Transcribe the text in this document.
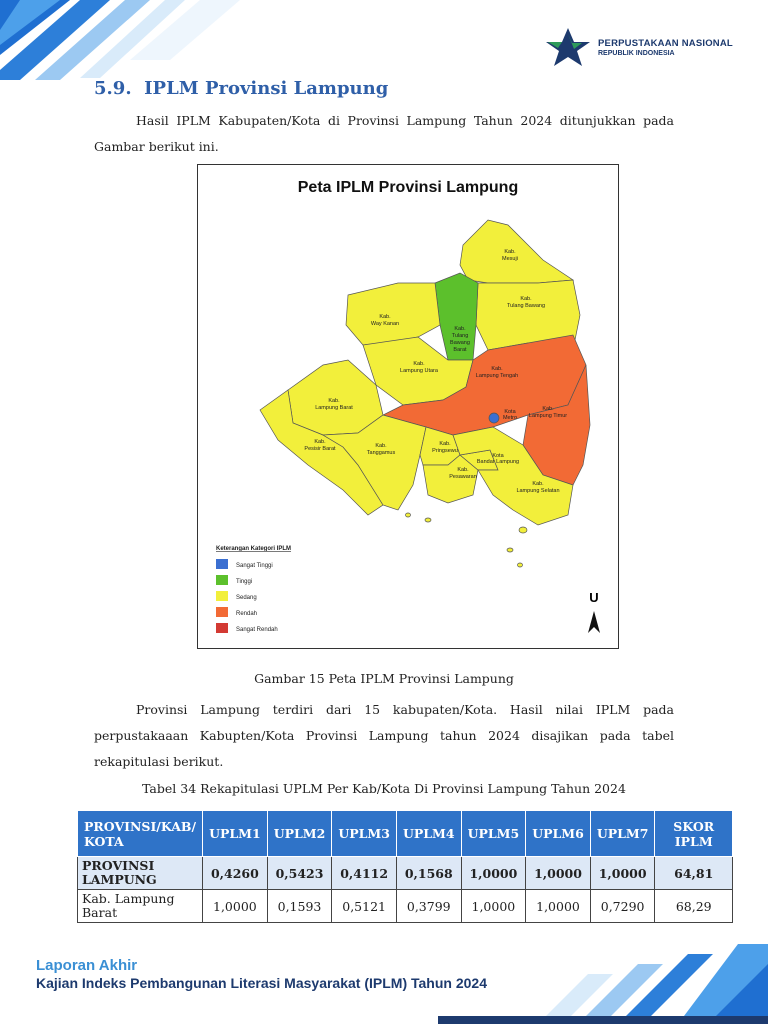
PERPUSTAKAAN NASIONAL
REPUBLIK INDONESIA
5.9. IPLM Provinsi Lampung
Hasil IPLM Kabupaten/Kota di Provinsi Lampung Tahun 2024 ditunjukkan pada Gambar berikut ini.
Peta IPLM Provinsi Lampung
Kab.
Mesuji
Kab.
Tulang Bawang
Kab.
Way Kanan
Kab.
Tulang
Bawang
Barat
Kab.
Lampung Utara	Kab.
Lampung Tengah
Kab.
Lampung Barat
Kota
Metro
Kab.
Lampung Timur
Kab.
Pesisir Barat	Kab.
Tanggamus
Kab.
Pringsewu
Kota
Bandar Lampung
Kab.
Pesawaran
Kab.
Lampung Selatan
Keterangan Kategori IPLM
Sangat Tinggi
Tinggi
Sedang
Rendah
Sangat Rendah
U
Gambar 15 Peta IPLM Provinsi Lampung
Provinsi Lampung terdiri dari 15 kabupaten/Kota. Hasil nilai IPLM pada perpustakaaan Kabupten/Kota Provinsi Lampung tahun 2024 disajikan pada tabel rekapitulasi berikut.
Tabel 34 Rekapitulasi UPLM Per Kab/Kota Di Provinsi Lampung Tahun 2024
PROVINSI/KAB/ KOTA	UPLM1	UPLM2	UPLM3	UPLM4	UPLM5	UPLM6	UPLM7	SKOR IPLM
PROVINSI LAMPUNG	0,4260	0,5423	0,4112	0,1568	1,0000	1,0000	1,0000	64,81
Kab. Lampung Barat	1,0000	0,1593	0,5121	0,3799	1,0000	1,0000	0,7290	68,29
Laporan Akhir
Kajian Indeks Pembangunan Literasi Masyarakat (IPLM) Tahun 2024
